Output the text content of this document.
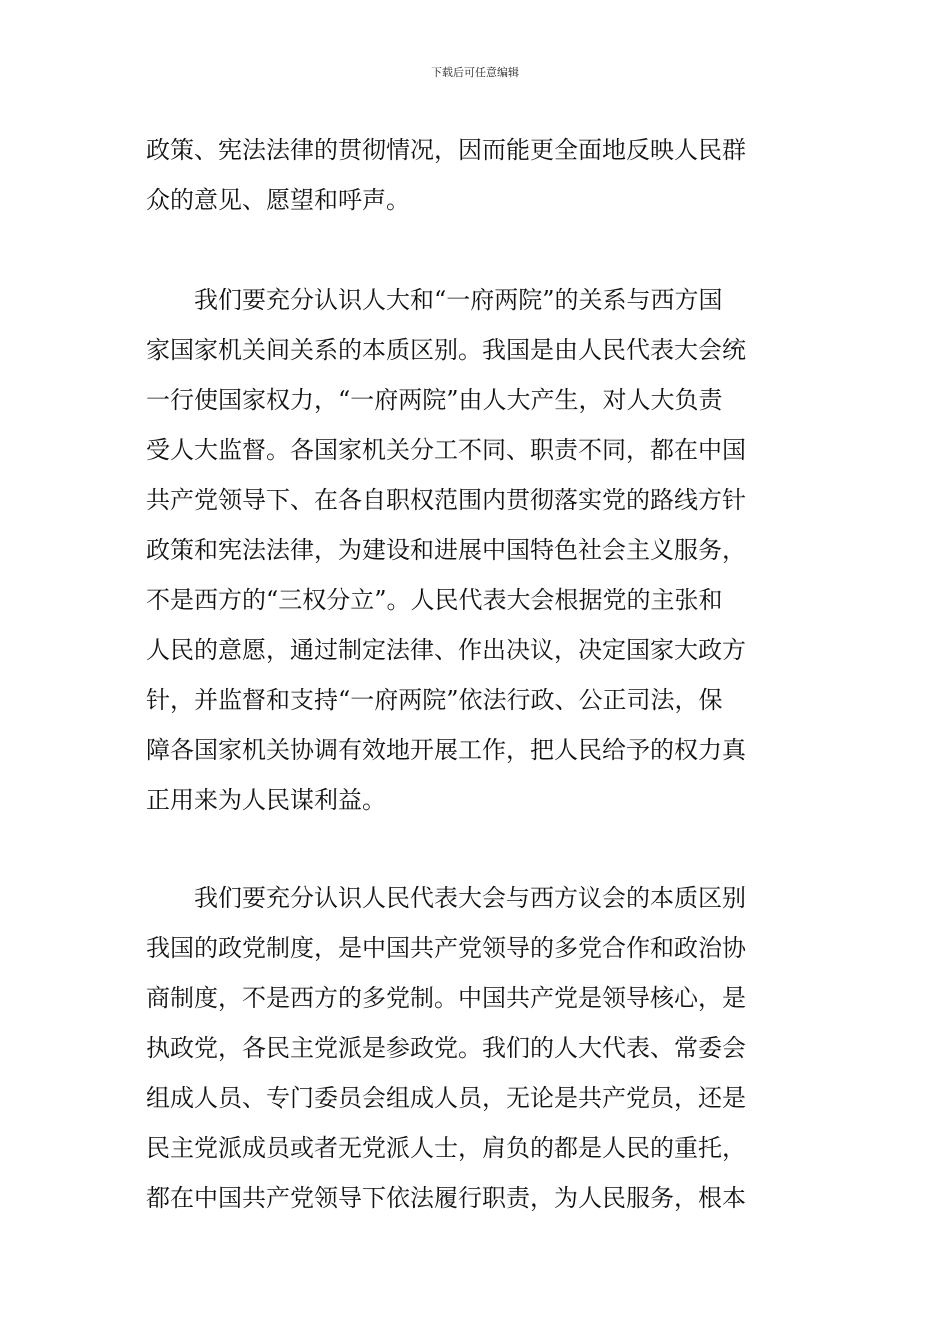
下载后可任意编辑
政策、宪法法律的贯彻情况，因而能更全面地反映人民群
众的意见、愿望和呼声。
我们要充分认识人大和“一府两院”的关系与西方国
家国家机关间关系的本质区别。我国是由人民代表大会统
一行使国家权力，“一府两院”由人大产生，对人大负责
受人大监督。各国家机关分工不同、职责不同，都在中国
共产党领导下、在各自职权范围内贯彻落实党的路线方针
政策和宪法法律，为建设和进展中国特色社会主义服务，
不是西方的“三权分立”。人民代表大会根据党的主张和
人民的意愿，通过制定法律、作出决议，决定国家大政方
针，并监督和支持“一府两院”依法行政、公正司法，保
障各国家机关协调有效地开展工作，把人民给予的权力真
正用来为人民谋利益。
我们要充分认识人民代表大会与西方议会的本质区别
我国的政党制度，是中国共产党领导的多党合作和政治协
商制度，不是西方的多党制。中国共产党是领导核心，是
执政党，各民主党派是参政党。我们的人大代表、常委会
组成人员、专门委员会组成人员，无论是共产党员，还是
民主党派成员或者无党派人士，肩负的都是人民的重托，
都在中国共产党领导下依法履行职责，为人民服务，根本
